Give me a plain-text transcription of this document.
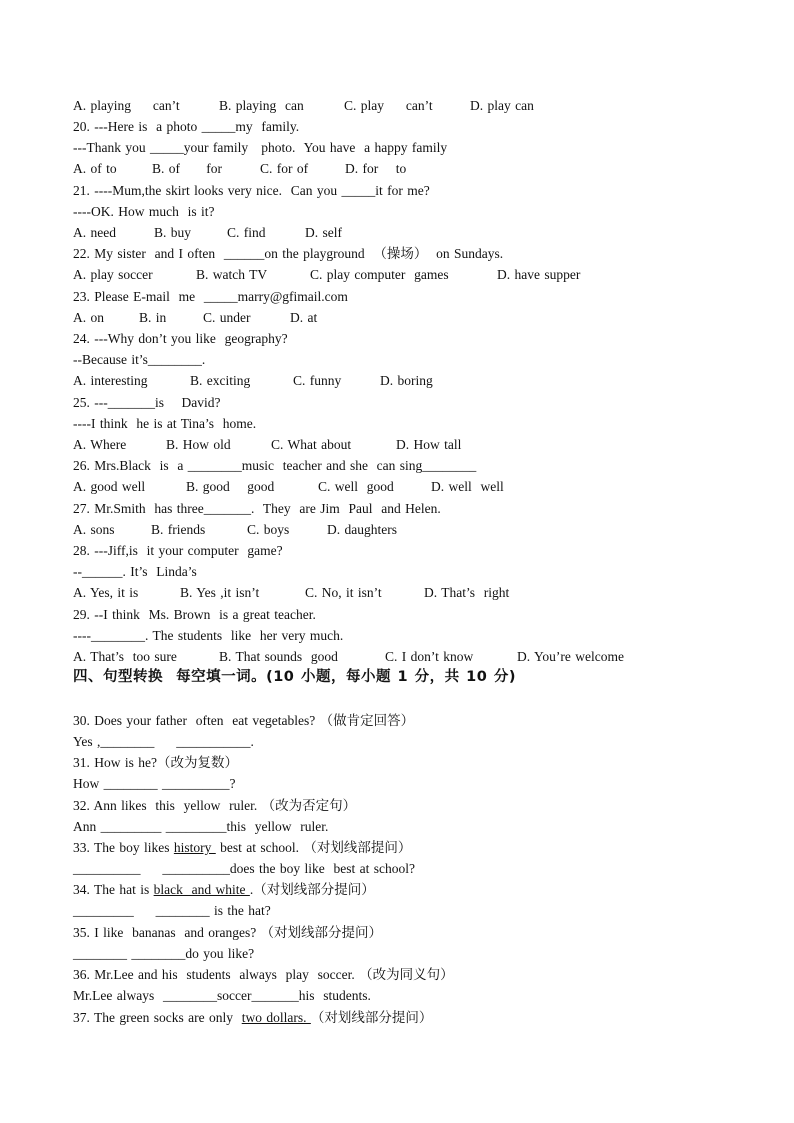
A. playing     can’t

	B. playing  can

	C. play     can’t

	D. play can

20. ---Here is  a photo _____my  family.
---Thank you _____your family   photo.  You have  a happy family

A. of to

	B. of      for

	C. for of

	D. for    to

21. ----Mum,the skirt looks very nice.  Can you _____it for me?
----OK. How much  is it?

A. need

	B. buy

	C. find

	D. self

22. My sister  and I often  ______on the playground  （操场）  on Sundays.

A. play soccer

	B. watch TV

	C. play computer  games

	D. have supper

23. Please E-mail  me  _____marry@gfimail.com

A. on

	B. in

	C. under

	D. at

24. ---Why don’t you like  geography?
--Because it’s________.

A. interesting

	B. exciting

	C. funny

	D. boring

25. ---_______is    David?
----I think  he is at Tina’s  home.

A. Where

	B. How old

	C. What about

	D. How tall

26. Mrs.Black  is  a ________music  teacher and she  can sing________

A. good well

	B. good    good

	C. well  good

	D. well  well

27. Mr.Smith  has three_______.  They  are Jim  Paul  and Helen.

A. sons

	B. friends

	C. boys

	D. daughters

28. ---Jiff,is  it your computer  game?
--______. It’s  Linda’s

A. Yes, it is

	B. Yes ,it isn’t

	C. No, it isn’t

	D. That’s  right

29. --I think  Ms. Brown  is a great teacher.
----________. The students  like  her very much.

A. That’s  too sure

	B. That sounds  good

	C. I don’t know

	D. You’re welcome

四、句型转换  每空填一词。(10 小题，每小题 1 分，共 10 分)
30. Does your father  often  eat vegetables? （做肯定回答）
Yes ,________     ___________.
31. How is he?（改为复数）
How ________ __________?
32. Ann likes  this  yellow  ruler. （改为否定句）
Ann _________ _________this  yellow  ruler.
33. The boy likes history  best at school. （对划线部提问）
__________     __________does the boy like  best at school?
34. The hat is black  and white .（对划线部分提问）
_________     ________ is the hat?
35. I like  bananas  and oranges? （对划线部分提问）
________ ________do you like?
36. Mr.Lee and his  students  always  play  soccer. （改为同义句）
Mr.Lee always  ________soccer_______his  students.
37. The green socks are only  two dollars. （对划线部分提问）
